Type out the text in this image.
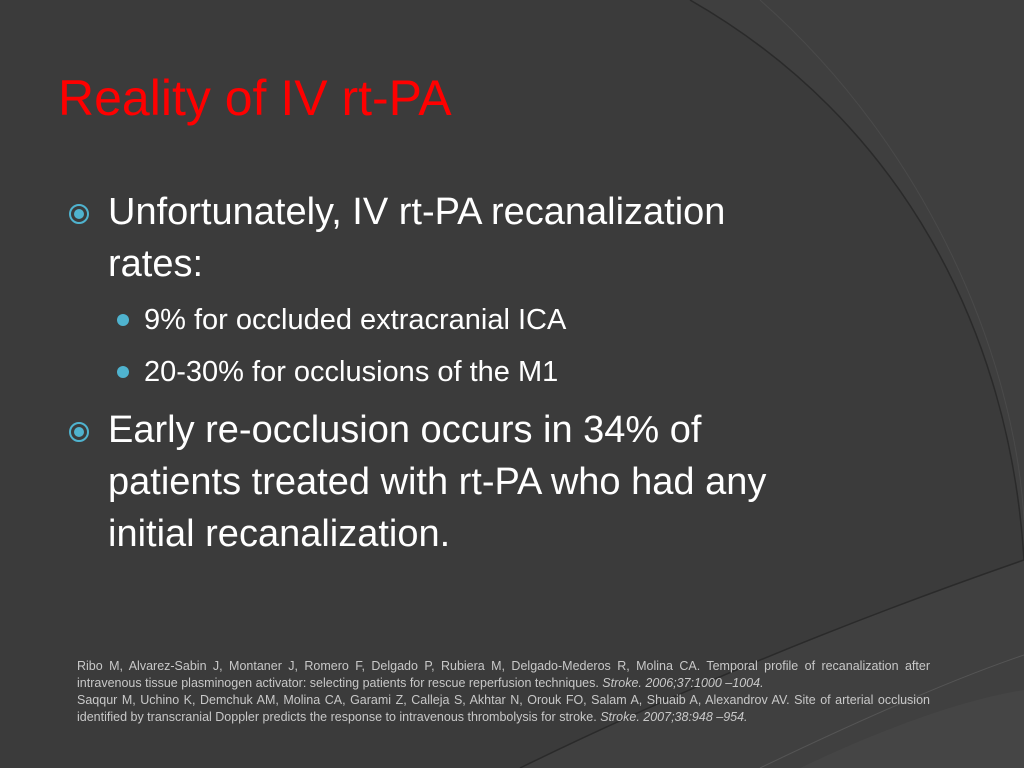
Reality of IV rt-PA
Unfortunately, IV rt-PA recanalization
rates:
9% for occluded extracranial ICA
20-30% for occlusions of the M1
Early re-occlusion occurs in 34% of
patients treated with rt-PA who had any
initial recanalization.

Ribo M, Alvarez-Sabin J, Montaner J, Romero F, Delgado P, Rubiera M, Delgado-Mederos R, Molina CA. Temporal profile of recanalization after intravenous tissue plasminogen activator: selecting patients for rescue reperfusion techniques. Stroke. 2006;37:1000 –1004.

Saqqur M, Uchino K, Demchuk AM, Molina CA, Garami Z, Calleja S, Akhtar N, Orouk FO, Salam A, Shuaib A, Alexandrov AV. Site of arterial occlusion identified by transcranial Doppler predicts the response to intravenous thrombolysis for stroke. Stroke. 2007;38:948 –954.
